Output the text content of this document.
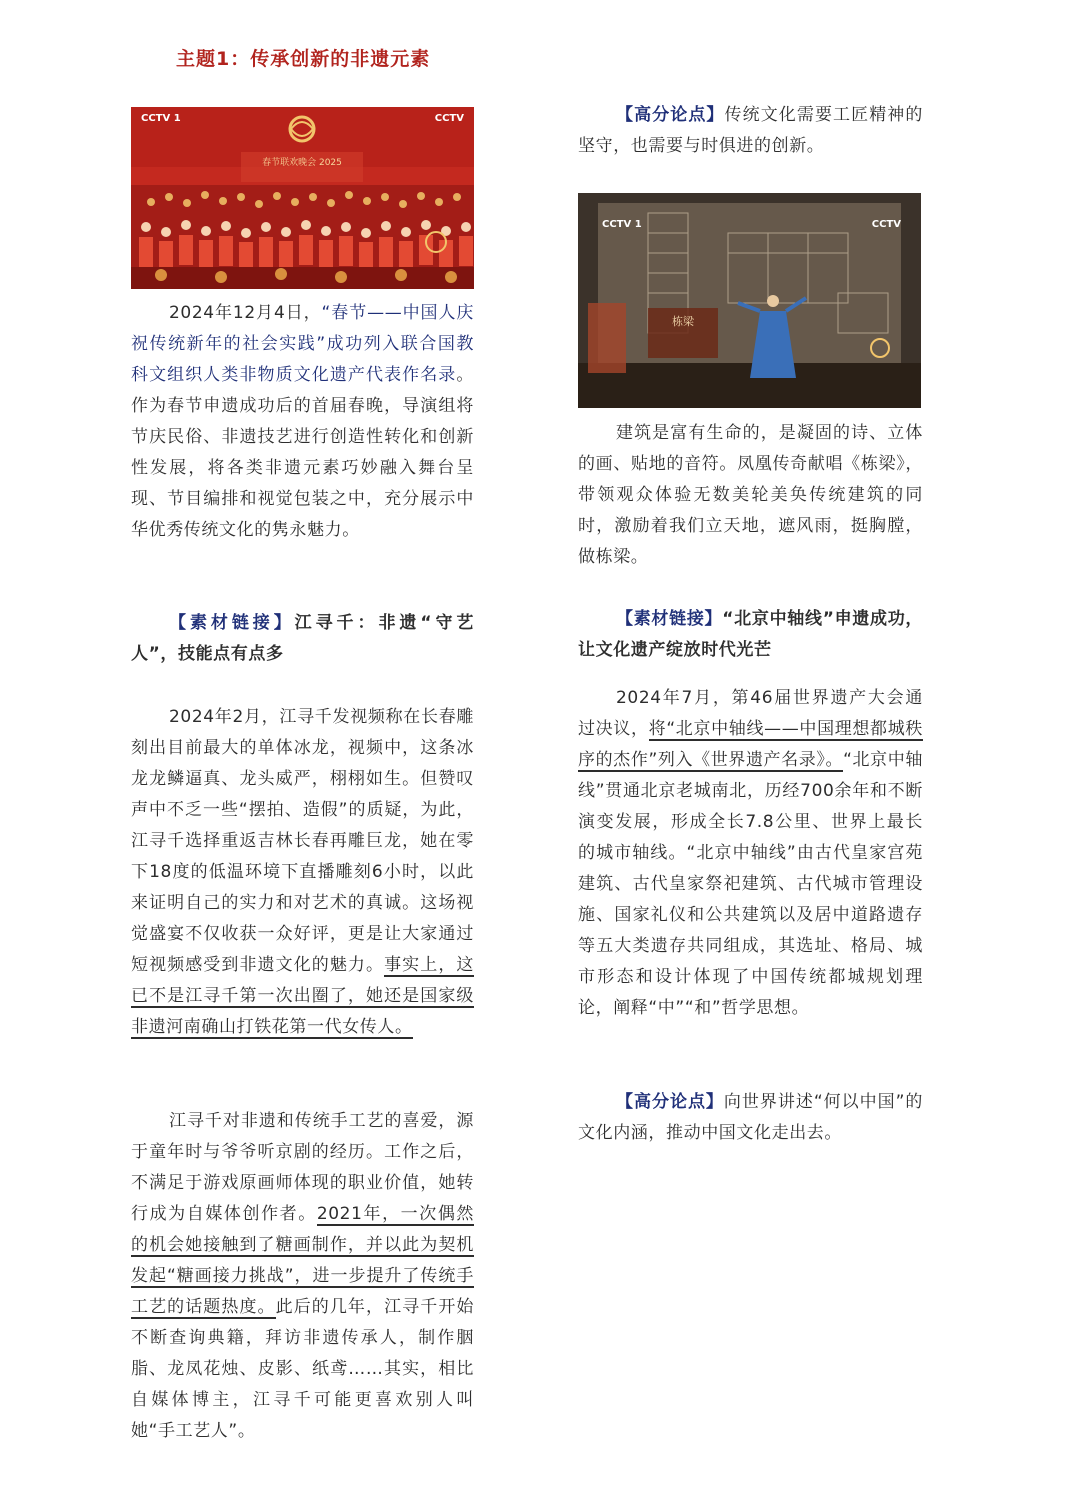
主题1：传承创新的非遗元素
CCTV 1	CCTV
春节联欢晚会 2025
CCTV 1	CCTV
栋梁

2024年12月4日，“春节——中国人庆祝传统新年的社会实践”成功列入联合国教科文组织人类非物质文化遗产代表作名录。作为春节申遗成功后的首届春晚，导演组将节庆民俗、非遗技艺进行创造性转化和创新性发展，将各类非遗元素巧妙融入舞台呈现、节目编排和视觉包装之中，充分展示中华优秀传统文化的隽永魅力。

【素材链接】江寻千：非遗“守艺人”，技能点有点多

2024年2月，江寻千发视频称在长春雕刻出目前最大的单体冰龙，视频中，这条冰龙龙鳞逼真、龙头威严，栩栩如生。但赞叹声中不乏一些“摆拍、造假”的质疑，为此，江寻千选择重返吉林长春再雕巨龙，她在零下18度的低温环境下直播雕刻6小时，以此来证明自己的实力和对艺术的真诚。这场视觉盛宴不仅收获一众好评，更是让大家通过短视频感受到非遗文化的魅力。事实上，这已不是江寻千第一次出圈了，她还是国家级非遗河南确山打铁花第一代女传人。

江寻千对非遗和传统手工艺的喜爱，源于童年时与爷爷听京剧的经历。工作之后，不满足于游戏原画师体现的职业价值，她转行成为自媒体创作者。2021年，一次偶然的机会她接触到了糖画制作，并以此为契机发起“糖画接力挑战”，进一步提升了传统手工艺的话题热度。此后的几年，江寻千开始不断查询典籍，拜访非遗传承人，制作胭脂、龙凤花烛、皮影、纸鸢……其实，相比自媒体博主，江寻千可能更喜欢别人叫她“手工艺人”。

【高分论点】传统文化需要工匠精神的坚守，也需要与时俱进的创新。

建筑是富有生命的，是凝固的诗、立体的画、贴地的音符。凤凰传奇献唱《栋梁》，带领观众体验无数美轮美奂传统建筑的同时，激励着我们立天地，遮风雨，挺胸膛，做栋梁。

【素材链接】“北京中轴线”申遗成功，让文化遗产绽放时代光芒

2024年7月，第46届世界遗产大会通过决议，将“北京中轴线——中国理想都城秩序的杰作”列入《世界遗产名录》。“北京中轴线”贯通北京老城南北，历经700余年和不断演变发展，形成全长7.8公里、世界上最长的城市轴线。“北京中轴线”由古代皇家宫苑建筑、古代皇家祭祀建筑、古代城市管理设施、国家礼仪和公共建筑以及居中道路遗存等五大类遗存共同组成，其选址、格局、城市形态和设计体现了中国传统都城规划理论，阐释“中”“和”哲学思想。

【高分论点】向世界讲述“何以中国”的文化内涵，推动中国文化走出去。
